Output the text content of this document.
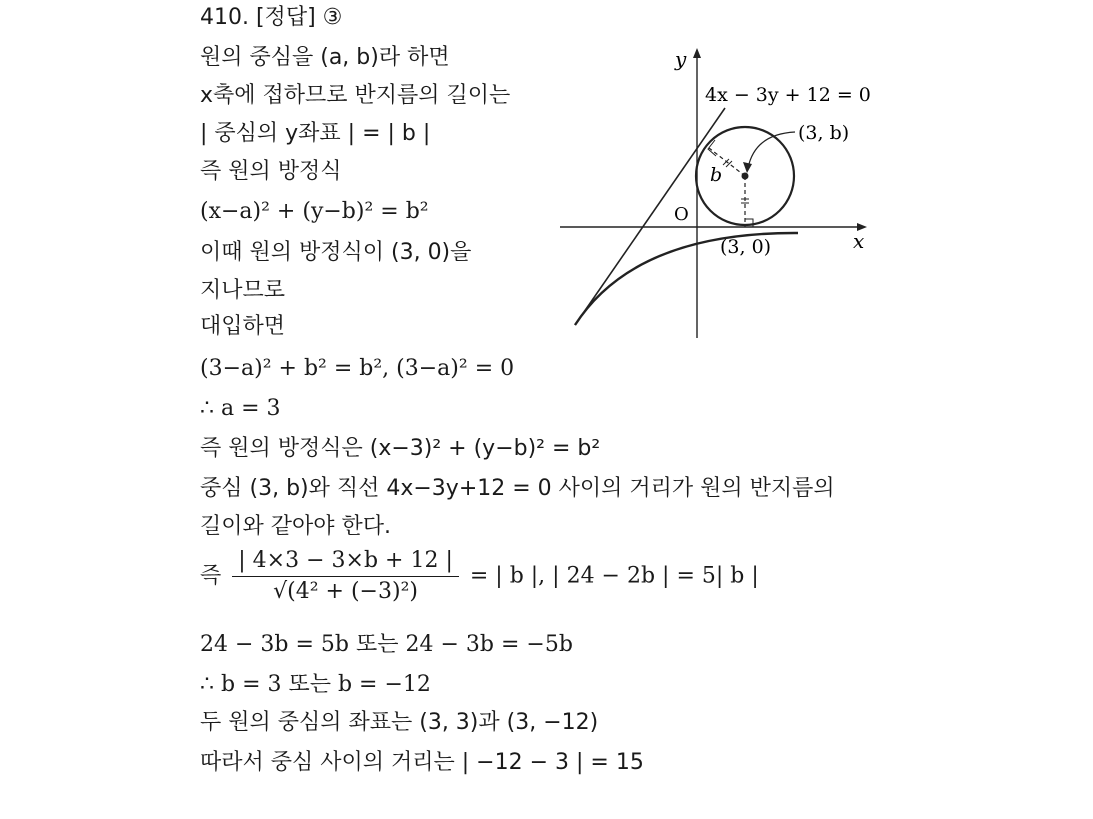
410. [정답] ③
원의 중심을 (a, b)라 하면
x축에 접하므로 반지름의 길이는
| 중심의 y좌표 | = | b |
즉 원의 방정식
(x−a)² + (y−b)² = b²
이때 원의 방정식이 (3, 0)을
지나므로
대입하면
(3−a)² + b² = b², (3−a)² = 0
∴ a = 3
즉 원의 방정식은 (x−3)² + (y−b)² = b²
중심 (3, b)와 직선 4x−3y+12 = 0 사이의 거리가 원의 반지름의
길이와 같아야 한다.
즉 $\frac{| 4\times 3 - 3\times b + 12 |}{\text{√(4² + (−3)²)}}$ = | b |, | 24 − 2b | = 5| b |
24 − 3b = 5b 또는 24 − 3b = −5b
∴ b = 3 또는 b = −12
두 원의 중심의 좌표는 (3, 3)과 (3, −12)
따라서 중심 사이의 거리는 | −12 − 3 | = 15
y
x
O
4x − 3y + 12 = 0
b
(3, b)
(3, 0)
